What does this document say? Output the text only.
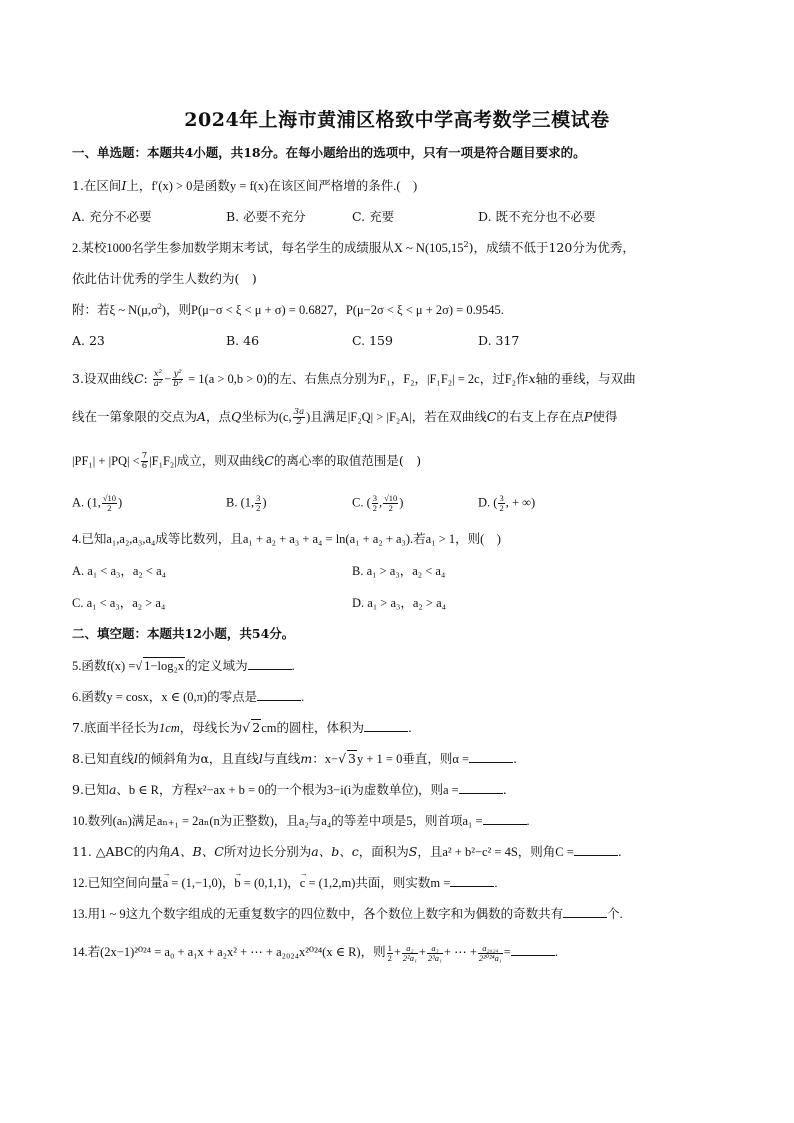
2024年上海市黄浦区格致中学高考数学三模试卷
一、单选题：本题共4小题，共18分。在每小题给出的选项中，只有一项是符合题目要求的。
1.在区间I上，f′(x) > 0是函数y = f(x)在该区间严格增的条件.(　)
A. 充分不必要	B. 必要不充分	C. 充要	D. 既不充分也不必要
2.某校1000名学生参加数学期末考试，每名学生的成绩服从X ~ N(105,15$^2$)，成绩不低于120分为优秀，
依此估计优秀的学生人数约为(　)
附：若ξ ~ $N(\mu,\sigma^2)$，则P(μ−σ < ξ < μ + σ) = 0.6827，P(μ−2σ < ξ < μ + 2σ) = 0.9545.
A. 23	B. 46	C. 159	D. 317
3.设双曲线C: $\frac{\text{x²}}{\text{a²}} - \frac{\text{y²}}{\text{b²}} = 1(a > 0,b > 0)$的左、右焦点分别为F₁，F₂，|F₁F₂| = 2c，过F₂作x轴的垂线，与双曲
线在一第象限的交点为A，点Q坐标为(c, $\frac{3a}{2}$ )且满足|F₂Q| > |F₂A|，若在双曲线C的右支上存在点P使得
$|PF_1| + |PQ| < \frac{7}{6} |F_1F_2|$成立，则双曲线C的离心率的取值范围是(　)
A. (1, $\frac{√10}{2}$ )	B. (1, $\frac{3}{2}$ )	C. ( $\frac{3}{2}$ , $\frac{√10}{2}$ )	D. ( $\frac{3}{2}$ , + ∞)
4.已知a₁,a₂,a₃,a₄成等比数列，且a₁ + a₂ + a₃ + a₄ = ln(a₁ + a₂ + a₃).若a₁ > 1，则(　)
A. a₁ < a₃，a₂ < a₄	B. a₁ > a₃，a₂ < a₄
C. a₁ < a₃，a₂ > a₄	D. a₁ > a₃，a₂ > a₄
二、填空题：本题共12小题，共54分。
5.函数f(x) =√ 1−log₂x的定义域为	.
6.函数y = cosx，x ∈ (0,π)的零点是	.
7.底面半径长为1cm，母线长为√ 2cm的圆柱，体积为	.
8.已知直线l的倾斜角为α，且直线l与直线m：x−√ 3y + 1 = 0垂直，则α =	.
9.已知a、b ∈ R，方程x²−ax + b = 0的一个根为3−i(i为虚数单位)，则a =	.
10.数列(aₙ)满足aₙ₊₁ = 2aₙ(n为正整数)，且a₂与a₄的等差中项是5，则首项a₁ =	.
11. △ABC的内角A、B、C所对边长分别为a、b、c，面积为S，且a² + b²−c² = 4S，则角C =	.
12.已知空间向量→ a = (1,−1,0)，→ b = (0,1,1)，→ c = (1,2,m)共面，则实数m =	.
13.用1 ~ 9这九个数字组成的无重复数字的四位数中，各个数位上数字和为偶数的奇数共有	个.
14.若(2x−1)²⁰²⁴ = a₀ + a₁x + a₂x² + ⋯ + a₂₀₂₄x²⁰²⁴(x ∈ R)，则 $\frac{1}{2} + \frac{\text{a₂}}{\text{2²a₁}} + \frac{\text{a₃}}{\text{2³a₁}}$ + ⋯ + $\frac{\text{a₂₀₂₄}}{\text{2²⁰²⁴a₁}}$ =	.
